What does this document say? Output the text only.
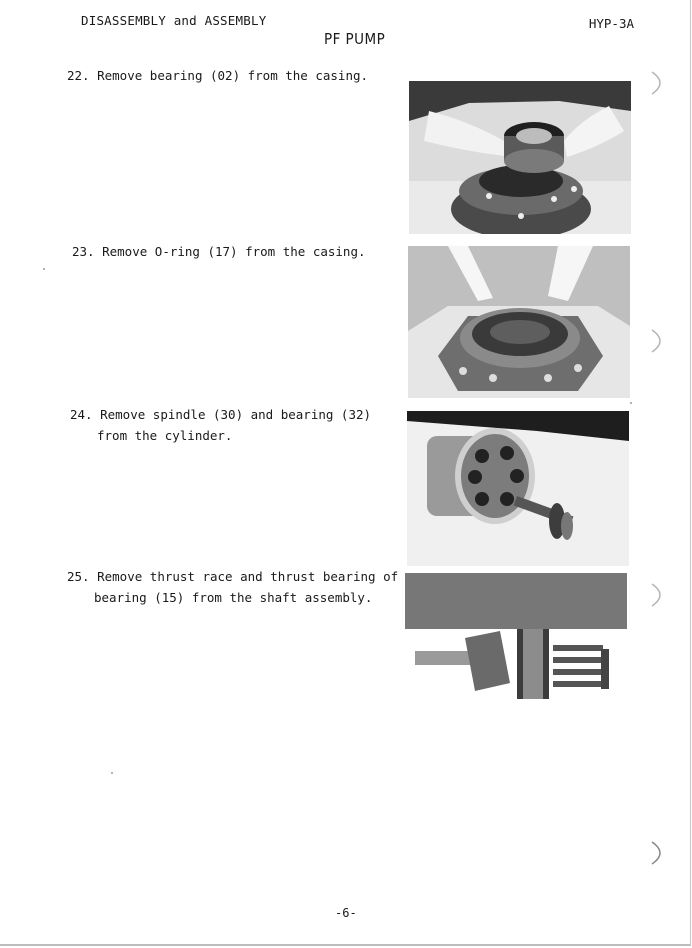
DISASSEMBLY and ASSEMBLY	HYP-3A
PF PUMP
22. Remove bearing (02) from the casing.
23. Remove O-ring (17) from the casing.
24. Remove spindle (30) and bearing (32)
from the cylinder.
25. Remove thrust race and thrust bearing of
bearing (15) from the shaft assembly.
-6-
